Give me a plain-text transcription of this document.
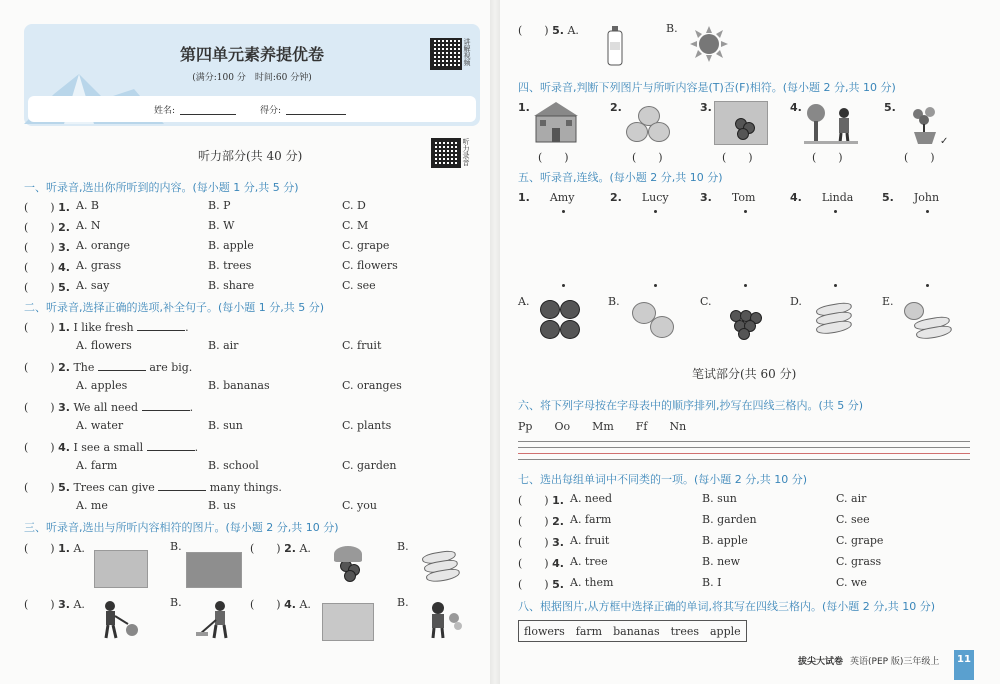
第四单元素养提优卷
(满分:100 分　时间:60 分钟)
姓名:	得分:
讲解视频
听力部分(共 40 分)	听力录音
一、听录音,选出你所听到的内容。(每小题 1 分,共 5 分)
(　　) 1. A. B	B. P	C. D
(　　) 2. A. N	B. W	C. M
(　　) 3. A. orange	B. apple	C. grape
(　　) 4. A. grass	B. trees	C. flowers
(　　) 5. A. say	B. share	C. see
二、听录音,选择正确的选项,补全句子。(每小题 1 分,共 5 分)
(　　) 1. I like fresh	.
A. flowers	B. air	C. fruit
(　　) 2. The	are big.
A. apples	B. bananas	C. oranges
(　　) 3. We all need	.
A. water	B. sun	C. plants
(　　) 4. I see a small	.
A. farm	B. school	C. garden
(　　) 5. Trees can give	many things.
A. me	B. us	C. you
三、听录音,选出与所听内容相符的图片。(每小题 2 分,共 10 分)
(　　) 1. A.	B.	(　　) 2. A.	B.
(　　) 3. A.	B.	(　　) 4. A.	B.
(　　) 5. A.	B.
四、听录音,判断下列图片与所听内容是(T)否(F)相符。(每小题 2 分,共 10 分)
1.
(　　)
2.
(　　)
3.
(　　)
4.
(　　)
5.
✓
(　　)
五、听录音,连线。(每小题 2 分,共 10 分)
1. Amy	2. Lucy	3. Tom	4. Linda	5. John
A.	B.	C.	D.	E.
笔试部分(共 60 分)
六、将下列字母按在字母表中的顺序排列,抄写在四线三格内。(共 5 分)
Pp　　Oo　　Mm　　Ff　　Nn
七、选出每组单词中不同类的一项。(每小题 2 分,共 10 分)
(　　) 1. A. need	B. sun	C. air
(　　) 2. A. farm	B. garden	C. see
(　　) 3. A. fruit	B. apple	C. grape
(　　) 4. A. tree	B. new	C. grass
(　　) 5. A. them	B. I	C. we
八、根据图片,从方框中选择正确的单词,将其写在四线三格内。(每小题 2 分,共 10 分)
flowers　farm　bananas　trees　apple
拔尖大试卷 英语(PEP 版)三年级上	11
